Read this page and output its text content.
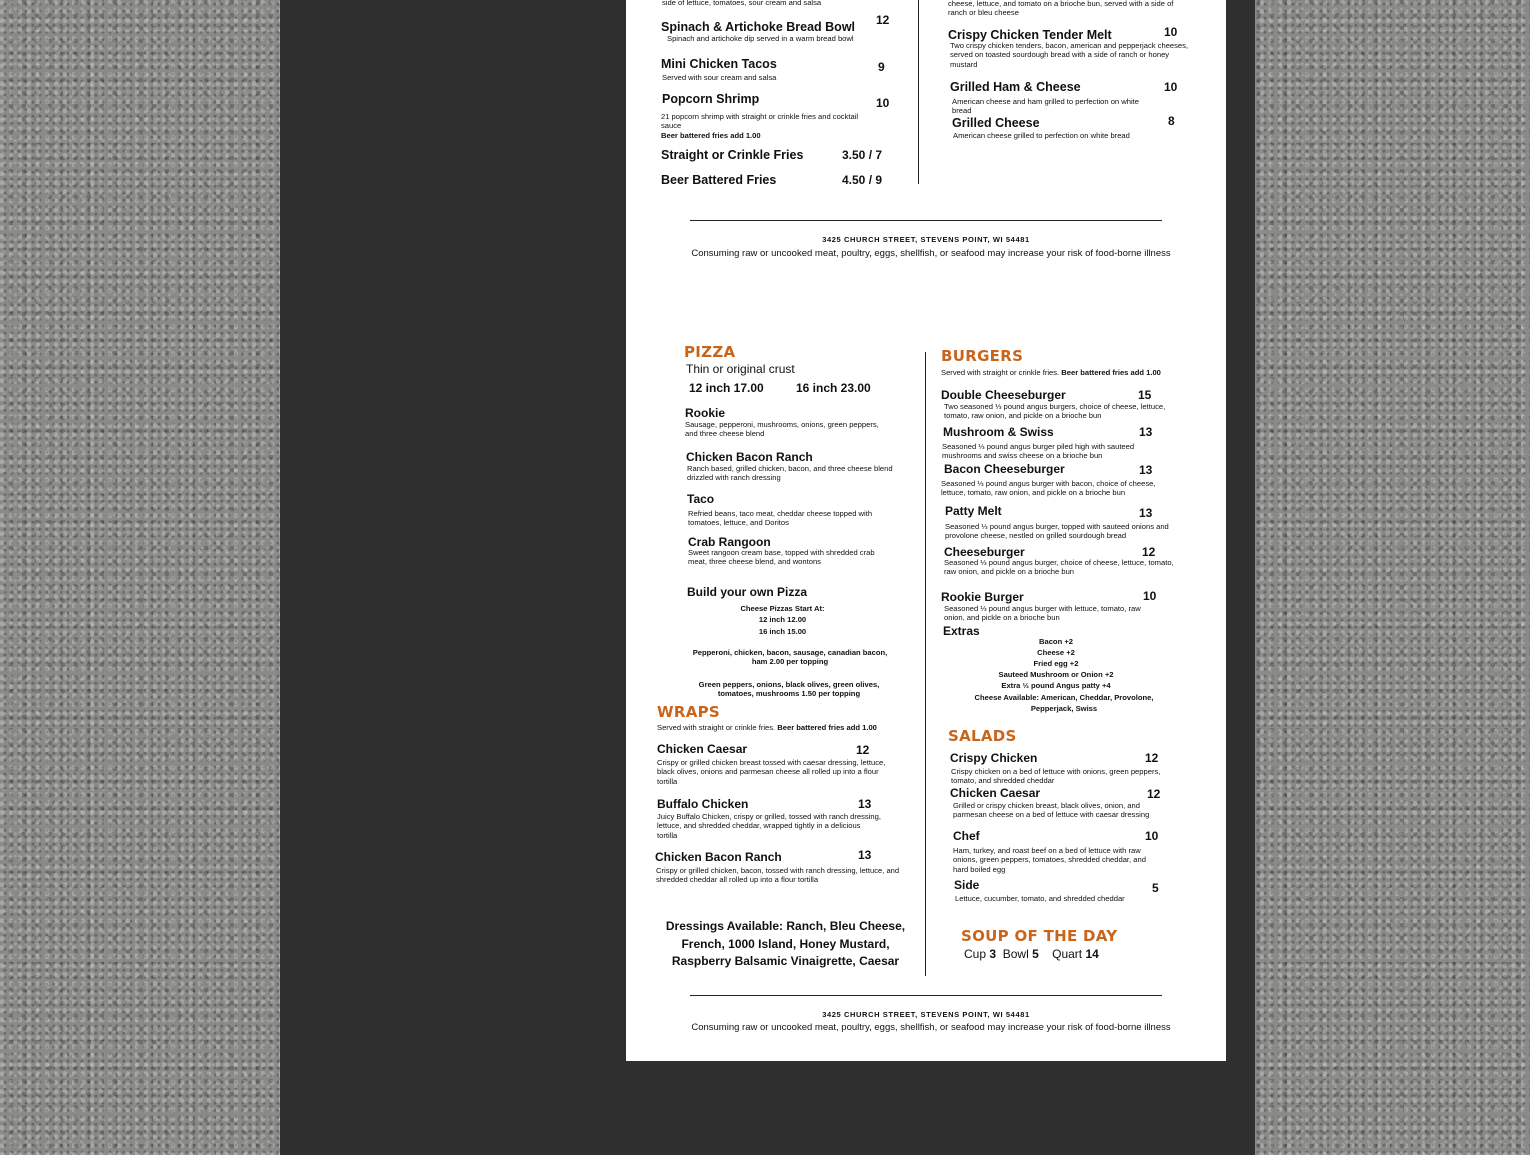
side of lettuce, tomatoes, sour cream and salsa
Spinach & Artichoke Bread Bowl 12
Spinach and artichoke dip served in a warm bread bowl
Mini Chicken Tacos	9
Served with sour cream and salsa
Popcorn Shrimp	10
21 popcorn shrimp with straight or crinkle fries and cocktail sauce
Beer battered fries add 1.00
Straight or Crinkle Fries	3.50 / 7
Beer Battered Fries	4.50 / 9
cheese, lettuce, and tomato on a brioche bun, served with a side of ranch or bleu cheese
Crispy Chicken Tender Melt	10
Two crispy chicken tenders, bacon, american and pepperjack cheeses, served on toasted sourdough bread with a side of ranch or honey mustard
Grilled Ham & Cheese	10
American cheese and ham grilled to perfection on white bread
Grilled Cheese	8
American cheese grilled to perfection on white bread
3425 CHURCH STREET, STEVENS POINT, WI 54481
Consuming raw or uncooked meat, poultry, eggs, shellfish, or seafood may increase your risk of food-borne illness
PIZZA
Thin or original crust
12 inch 17.00	16 inch 23.00
Rookie
Sausage, pepperoni, mushrooms, onions, green peppers, and three cheese blend
Chicken Bacon Ranch
Ranch based, grilled chicken, bacon, and three cheese blend drizzled with ranch dressing
Taco
Refried beans, taco meat, cheddar cheese topped with tomatoes, lettuce, and Doritos
Crab Rangoon
Sweet rangoon cream base, topped with shredded crab meat, three cheese blend, and wontons
Build your own Pizza
Cheese Pizzas Start At:
12 inch 12.00
16 inch 15.00
Pepperoni, chicken, bacon, sausage, canadian bacon, ham 2.00 per topping
Green peppers, onions, black olives, green olives, tomatoes, mushrooms 1.50 per topping
WRAPS
Served with straight or crinkle fries. Beer battered fries add 1.00
Chicken Caesar	12
Crispy or grilled chicken breast tossed with caesar dressing, lettuce, black olives, onions and parmesan cheese all rolled up into a flour tortilla
Buffalo Chicken	13
Juicy Buffalo Chicken, crispy or grilled, tossed with ranch dressing, lettuce, and shredded cheddar, wrapped tightly in a delicious tortilla
Chicken Bacon Ranch	13
Crispy or grilled chicken, bacon, tossed with ranch dressing, lettuce, and shredded cheddar all rolled up into a flour tortilla
Dressings Available: Ranch, Bleu Cheese, French, 1000 Island, Honey Mustard, Raspberry Balsamic Vinaigrette, Caesar
BURGERS
Served with straight or crinkle fries. Beer battered fries add 1.00
Double Cheeseburger	15
Two seasoned ⅓ pound angus burgers, choice of cheese, lettuce, tomato, raw onion, and pickle on a brioche bun
Mushroom & Swiss	13
Seasoned ⅓ pound angus burger piled high with sauteed mushrooms and swiss cheese on a brioche bun
Bacon Cheeseburger	13
Seasoned ⅓ pound angus burger with bacon, choice of cheese, lettuce, tomato, raw onion, and pickle on a brioche bun
Patty Melt	13
Seasoned ⅓ pound angus burger, topped with sauteed onions and provolone cheese, nestled on grilled sourdough bread
Cheeseburger	12
Seasoned ⅓ pound angus burger, choice of cheese, lettuce, tomato, raw onion, and pickle on a brioche bun
Rookie Burger	10
Seasoned ⅓ pound angus burger with lettuce, tomato, raw onion, and pickle on a brioche bun
Extras
Bacon +2
Cheese +2
Fried egg +2
Sauteed Mushroom or Onion +2
Extra ⅓ pound Angus patty +4
Cheese Available: American, Cheddar, Provolone, Pepperjack, Swiss
SALADS
Crispy Chicken	12
Crispy chicken on a bed of lettuce with onions, green peppers, tomato, and shredded cheddar
Chicken Caesar	12
Grilled or crispy chicken breast, black olives, onion, and parmesan cheese on a bed of lettuce with caesar dressing
Chef	10
Ham, turkey, and roast beef on a bed of lettuce with raw onions, green peppers, tomatoes, shredded cheddar, and hard boiled egg
Side	5
Lettuce, cucumber, tomato, and shredded cheddar
SOUP OF THE DAY
Cup 3 Bowl 5 Quart 14
3425 CHURCH STREET, STEVENS POINT, WI 54481
Consuming raw or uncooked meat, poultry, eggs, shellfish, or seafood may increase your risk of food-borne illness
